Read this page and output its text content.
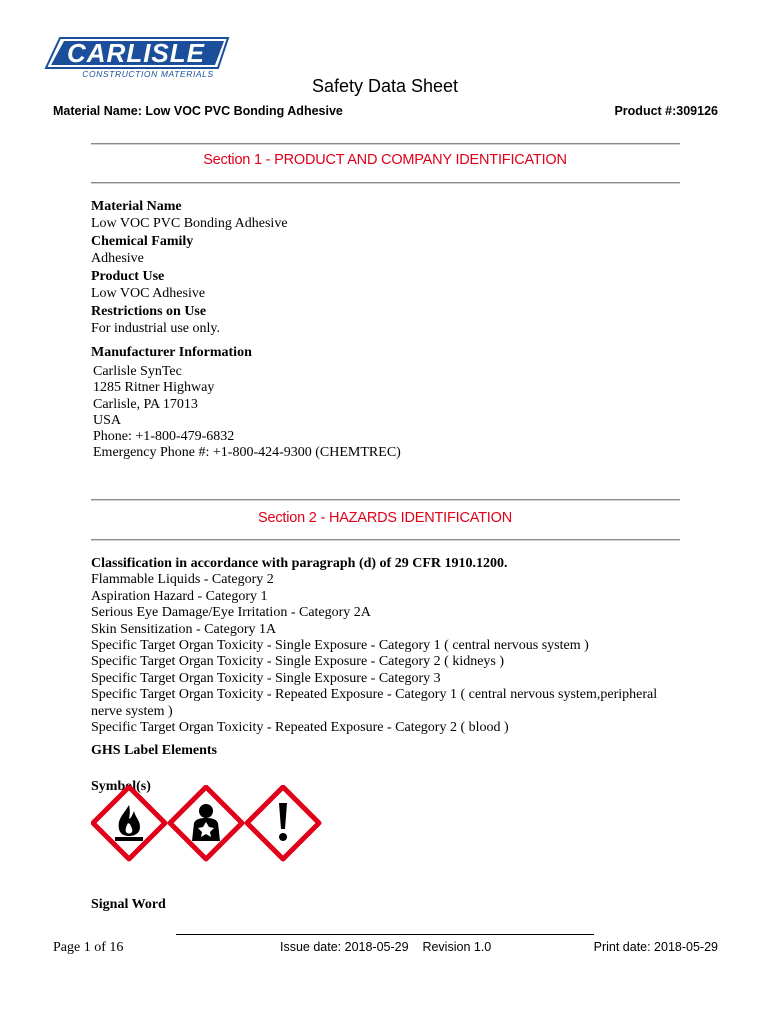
CARLISLE
CONSTRUCTION MATERIALS
Safety Data Sheet
Material Name: Low VOC PVC Bonding Adhesive	Product #:309126
Section 1 - PRODUCT AND COMPANY IDENTIFICATION
Material Name
Low VOC PVC Bonding Adhesive
Chemical Family
Adhesive
Product Use
Low VOC Adhesive
Restrictions on Use
For industrial use only.
Manufacturer Information
Carlisle SynTec
1285 Ritner Highway
Carlisle, PA 17013
USA
Phone: +1-800-479-6832
Emergency Phone #: +1-800-424-9300 (CHEMTREC)
Section 2 - HAZARDS IDENTIFICATION
Classification in accordance with paragraph (d) of 29 CFR 1910.1200.
Flammable Liquids - Category 2
Aspiration Hazard - Category 1
Serious Eye Damage/Eye Irritation - Category 2A
Skin Sensitization - Category 1A
Specific Target Organ Toxicity - Single Exposure - Category 1 ( central nervous system )
Specific Target Organ Toxicity - Single Exposure - Category 2 ( kidneys )
Specific Target Organ Toxicity - Single Exposure - Category 3
Specific Target Organ Toxicity - Repeated Exposure - Category 1 ( central nervous system,peripheral nerve system )
Specific Target Organ Toxicity - Repeated Exposure - Category 2 ( blood )
GHS Label Elements
Symbol(s)
Signal Word
Page 1 of 16	Issue date: 2018-05-29    Revision 1.0	Print date: 2018-05-29
